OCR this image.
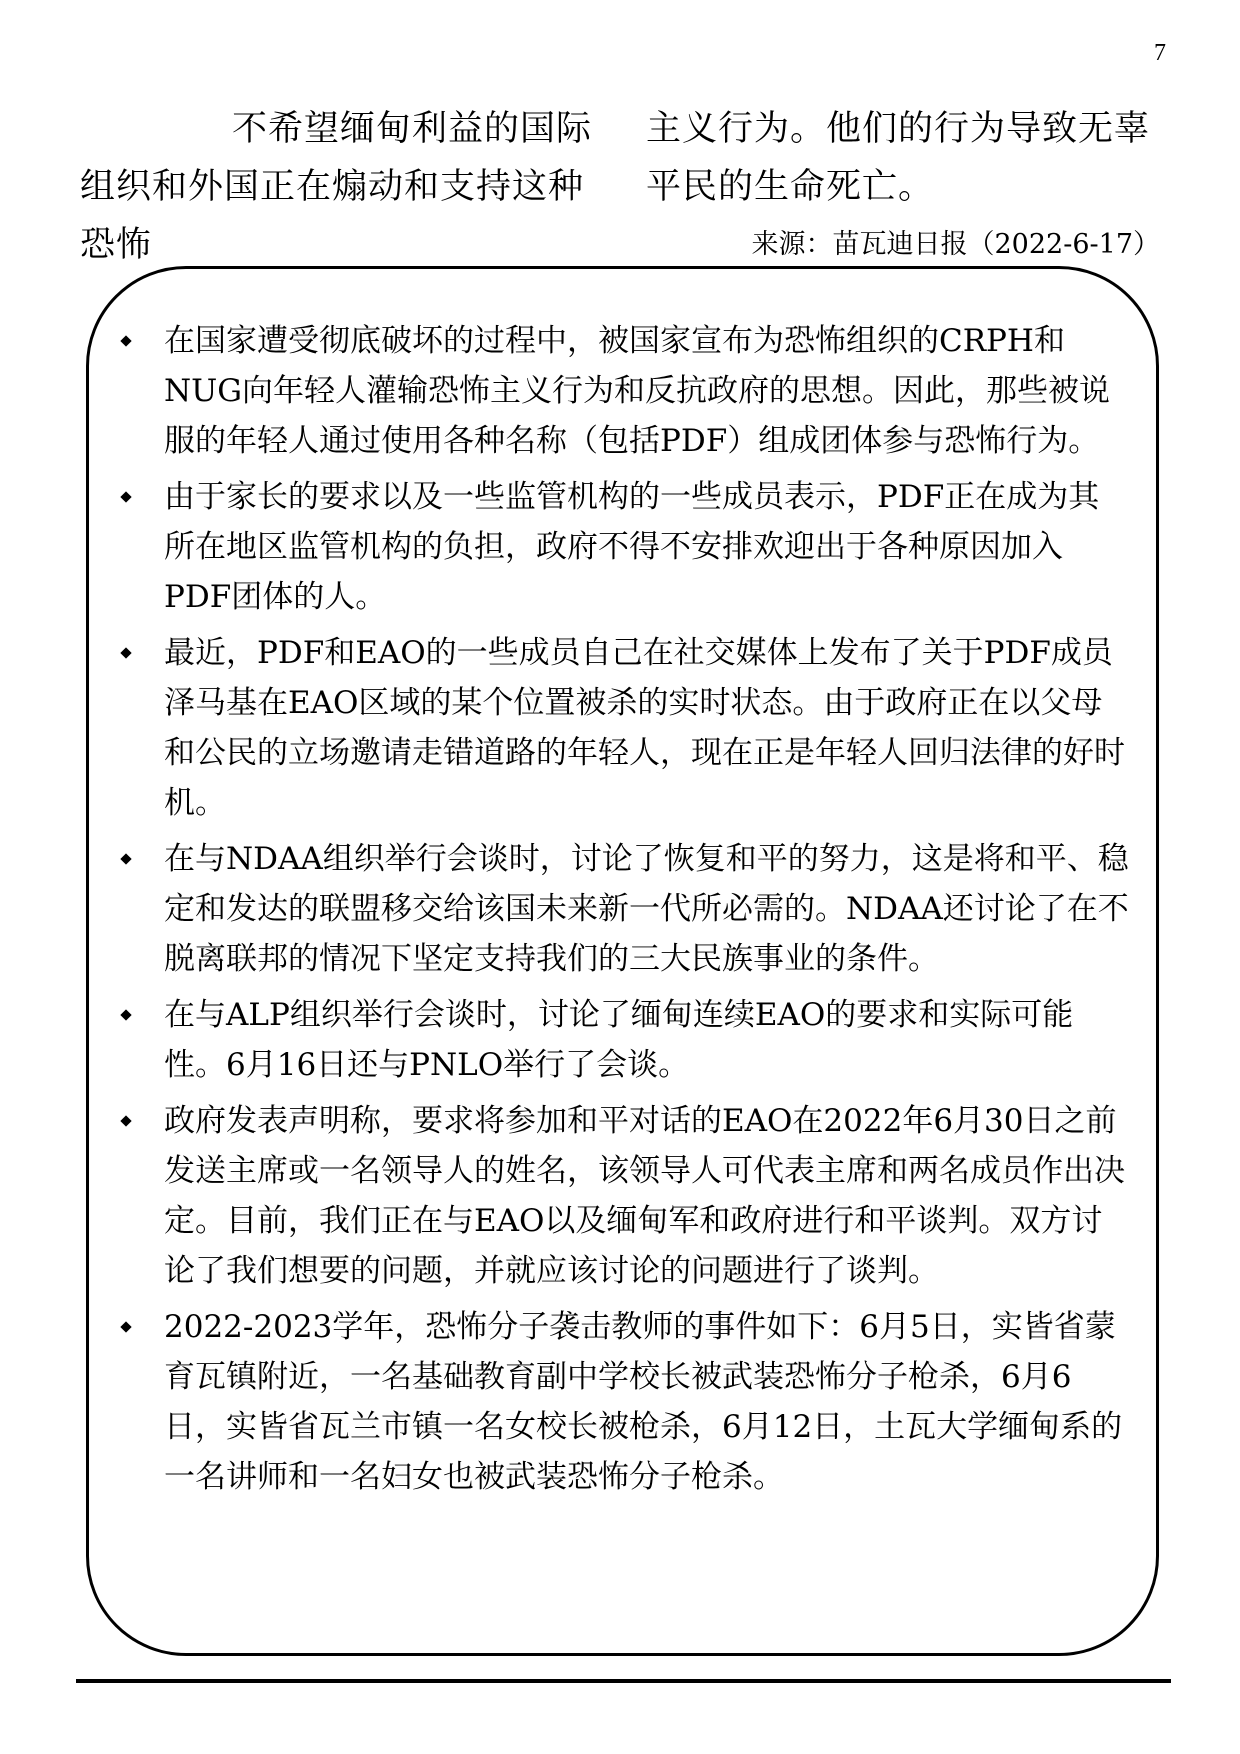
7
不希望缅甸利益的国际组织和外国正在煽动和支持这种恐怖
主义行为。他们的行为导致无辜平民的生命死亡。
来源：苗瓦迪日报（2022-6-17）
在国家遭受彻底破坏的过程中，被国家宣布为恐怖组织的CRPH和NUG向年轻人灌输恐怖主义行为和反抗政府的思想。因此，那些被说服的年轻人通过使用各种名称（包括PDF）组成团体参与恐怖行为。
由于家长的要求以及一些监管机构的一些成员表示，PDF正在成为其所在地区监管机构的负担，政府不得不安排欢迎出于各种原因加入PDF团体的人。
最近，PDF和EAO的一些成员自己在社交媒体上发布了关于PDF成员泽马基在EAO区域的某个位置被杀的实时状态。由于政府正在以父母和公民的立场邀请走错道路的年轻人，现在正是年轻人回归法律的好时机。
在与NDAA组织举行会谈时，讨论了恢复和平的努力，这是将和平、稳定和发达的联盟移交给该国未来新一代所必需的。NDAA还讨论了在不脱离联邦的情况下坚定支持我们的三大民族事业的条件。
在与ALP组织举行会谈时，讨论了缅甸连续EAO的要求和实际可能性。6月16日还与PNLO举行了会谈。
政府发表声明称，要求将参加和平对话的EAO在2022年6月30日之前发送主席或一名领导人的姓名，该领导人可代表主席和两名成员作出决定。目前，我们正在与EAO以及缅甸军和政府进行和平谈判。双方讨论了我们想要的问题，并就应该讨论的问题进行了谈判。
2022-2023学年，恐怖分子袭击教师的事件如下：6月5日，实皆省蒙育瓦镇附近，一名基础教育副中学校长被武装恐怖分子枪杀，6月6日，实皆省瓦兰市镇一名女校长被枪杀，6月12日，土瓦大学缅甸系的一名讲师和一名妇女也被武装恐怖分子枪杀。
